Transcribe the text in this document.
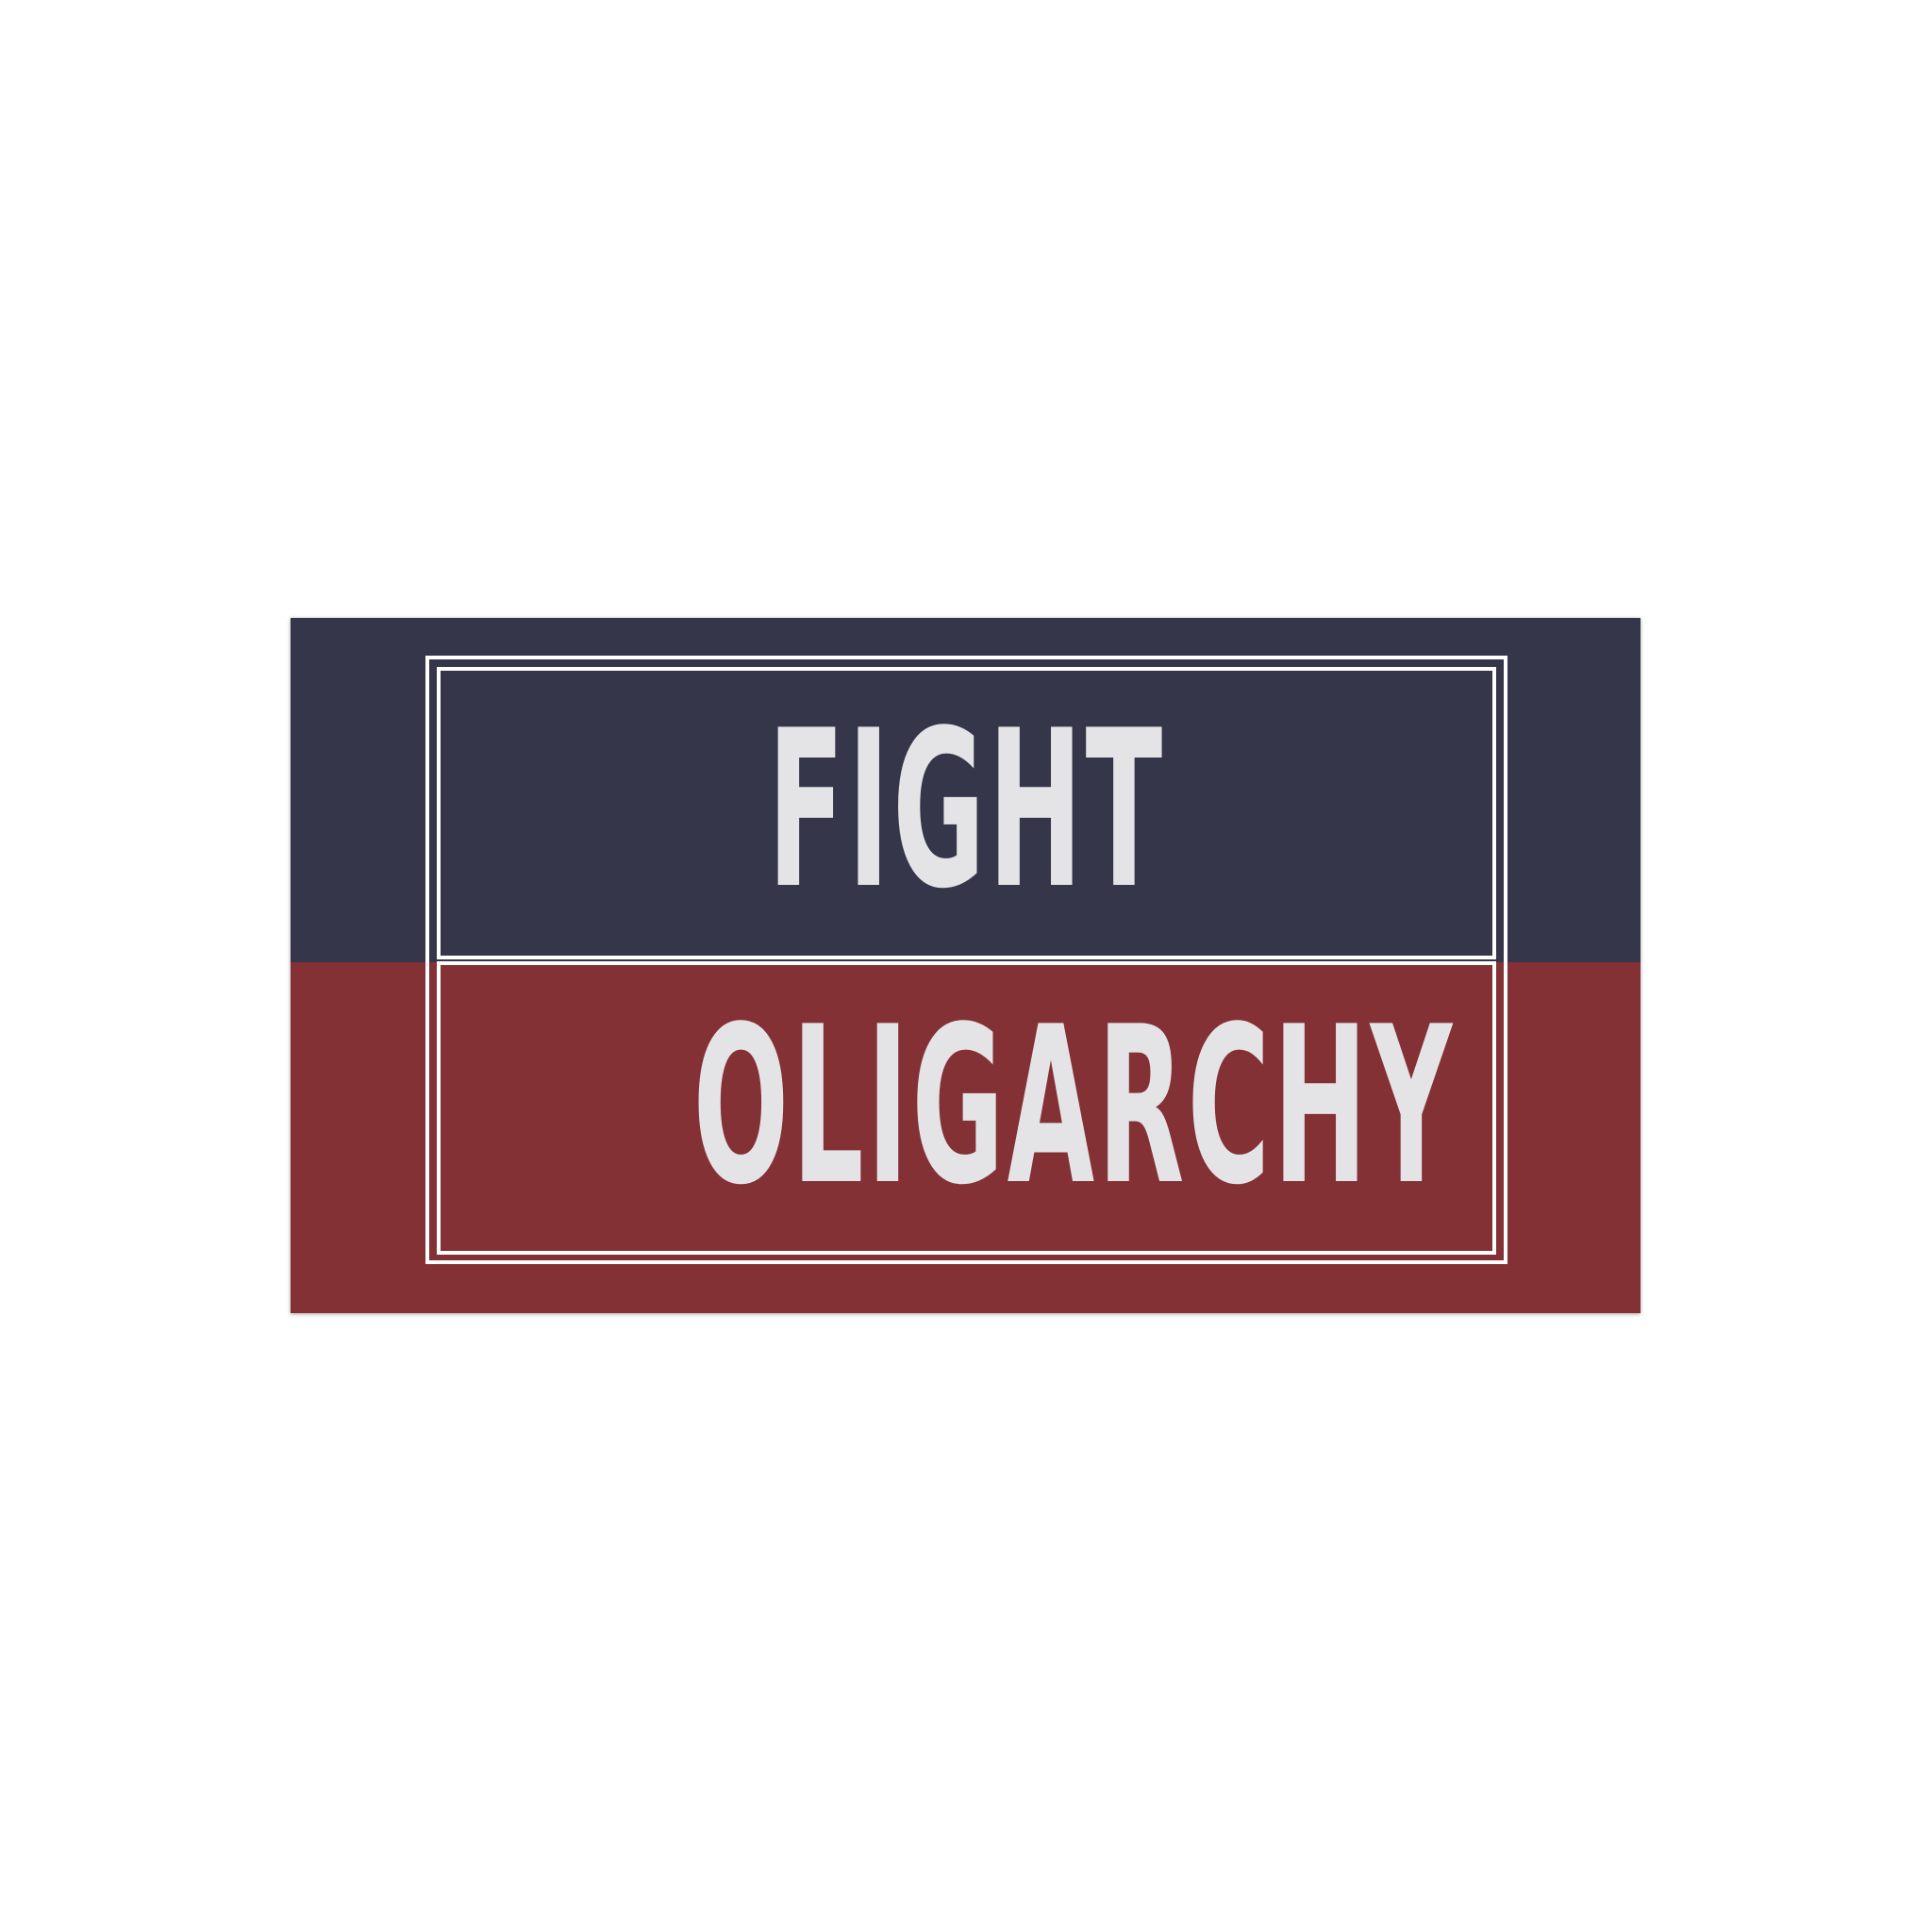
FIGHT
OLIGARCHY
